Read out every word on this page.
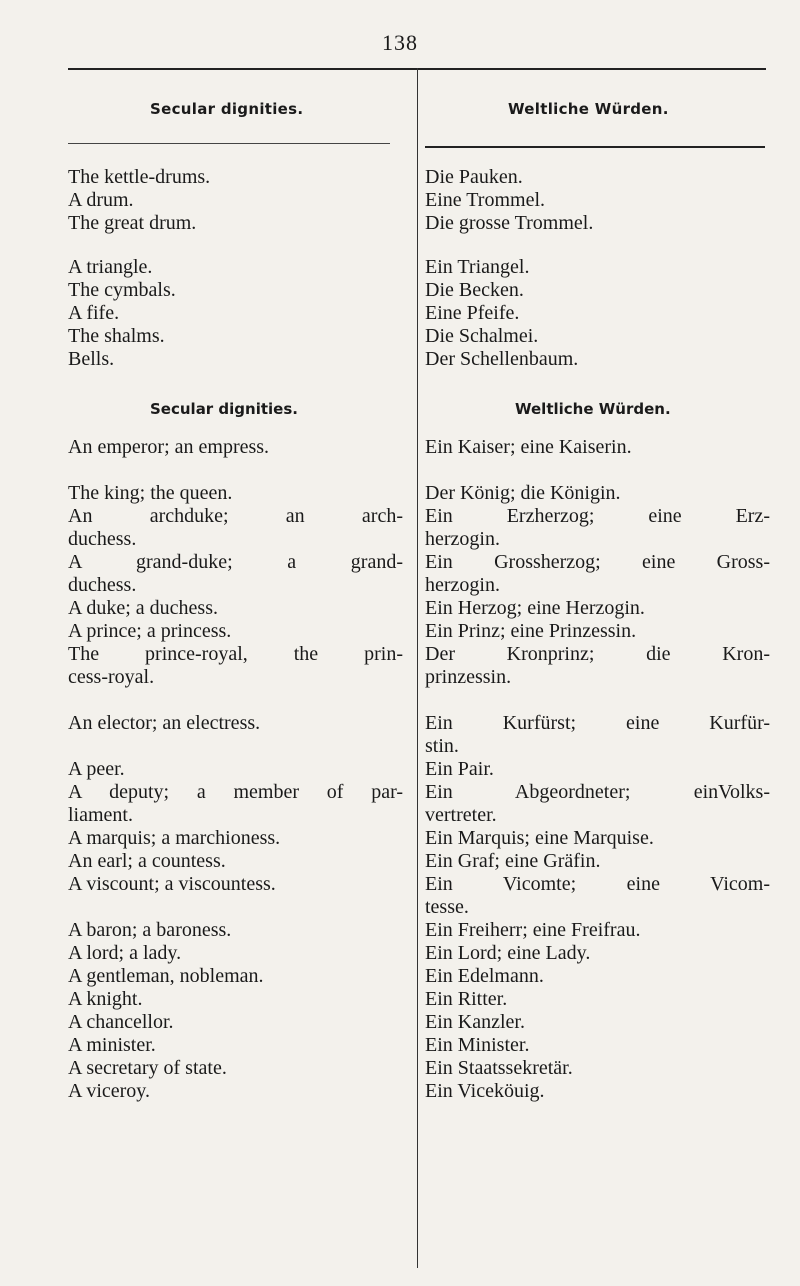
138
Secular dignities.	Weltliche Würden.
The kettle-drums.
A drum.
The great drum.
A triangle.
The cymbals.
A fife.
The shalms.
Bells.
Die Pauken.
Eine Trommel.
Die grosse Trommel.
Ein Triangel.
Die Becken.
Eine Pfeife.
Die Schalmei.
Der Schellenbaum.
Secular dignities.	Weltliche Würden.
An emperor; an empress.
The king; the queen.
An archduke; an arch-
duchess.
A grand-duke; a grand-
duchess.
A duke; a duchess.
A prince; a princess.
The prince-royal, the prin-
cess-royal.
An elector; an electress.
A peer.
A deputy; a member of par-
liament.
A marquis; a marchioness.
An earl; a countess.
A viscount; a viscountess.
A baron; a baroness.
A lord; a lady.
A gentleman, nobleman.
A knight.
A chancellor.
A minister.
A secretary of state.
A viceroy.
Ein Kaiser; eine Kaiserin.
Der König; die Königin.
Ein Erzherzog; eine Erz-
herzogin.
Ein Grossherzog; eine Gross-
herzogin.
Ein Herzog; eine Herzogin.
Ein Prinz; eine Prinzessin.
Der Kronprinz; die Kron-
prinzessin.
Ein Kurfürst; eine Kurfür-
stin.
Ein Pair.
Ein Abgeordneter; einVolks-
vertreter.
Ein Marquis; eine Marquise.
Ein Graf; eine Gräfin.
Ein Vicomte; eine Vicom-
tesse.
Ein Freiherr; eine Freifrau.
Ein Lord; eine Lady.
Ein Edelmann.
Ein Ritter.
Ein Kanzler.
Ein Minister.
Ein Staatssekretär.
Ein Viceköuig.
